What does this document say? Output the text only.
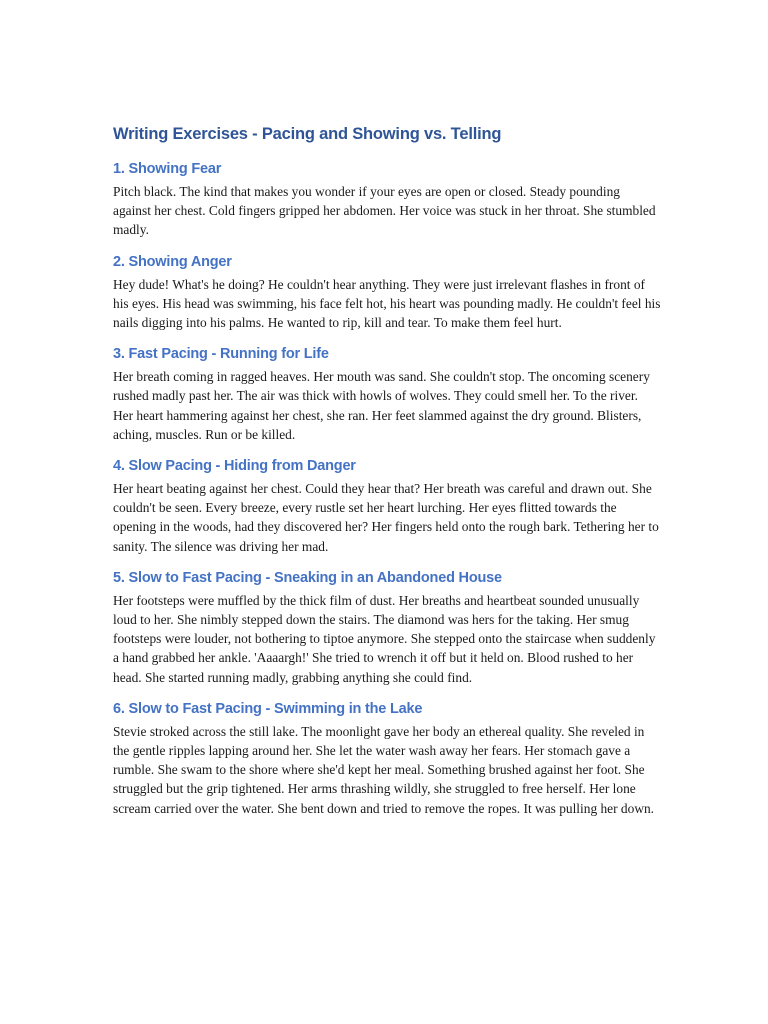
Writing Exercises - Pacing and Showing vs. Telling
1. Showing Fear

Pitch black. The kind that makes you wonder if your eyes are open or closed. Steady pounding against her chest. Cold fingers gripped her abdomen. Her voice was stuck in her throat. She stumbled madly.

2. Showing Anger

Hey dude! What's he doing? He couldn't hear anything. They were just irrelevant flashes in front of his eyes. His head was swimming, his face felt hot, his heart was pounding madly. He couldn't feel his nails digging into his palms. He wanted to rip, kill and tear. To make them feel hurt.

3. Fast Pacing - Running for Life

Her breath coming in ragged heaves. Her mouth was sand. She couldn't stop. The oncoming scenery rushed madly past her. The air was thick with howls of wolves. They could smell her. To the river. Her heart hammering against her chest, she ran. Her feet slammed against the dry ground. Blisters, aching, muscles. Run or be killed.

4. Slow Pacing - Hiding from Danger

Her heart beating against her chest. Could they hear that? Her breath was careful and drawn out. She couldn't be seen. Every breeze, every rustle set her heart lurching. Her eyes flitted towards the opening in the woods, had they discovered her? Her fingers held onto the rough bark. Tethering her to sanity. The silence was driving her mad.

5. Slow to Fast Pacing - Sneaking in an Abandoned House

Her footsteps were muffled by the thick film of dust. Her breaths and heartbeat sounded unusually loud to her. She nimbly stepped down the stairs. The diamond was hers for the taking. Her smug footsteps were louder, not bothering to tiptoe anymore. She stepped onto the staircase when suddenly a hand grabbed her ankle. 'Aaaargh!' She tried to wrench it off but it held on. Blood rushed to her head. She started running madly, grabbing anything she could find.

6. Slow to Fast Pacing - Swimming in the Lake

Stevie stroked across the still lake. The moonlight gave her body an ethereal quality. She reveled in the gentle ripples lapping around her. She let the water wash away her fears. Her stomach gave a rumble. She swam to the shore where she'd kept her meal. Something brushed against her foot. She struggled but the grip tightened. Her arms thrashing wildly, she struggled to free herself. Her lone scream carried over the water. She bent down and tried to remove the ropes. It was pulling her down.
